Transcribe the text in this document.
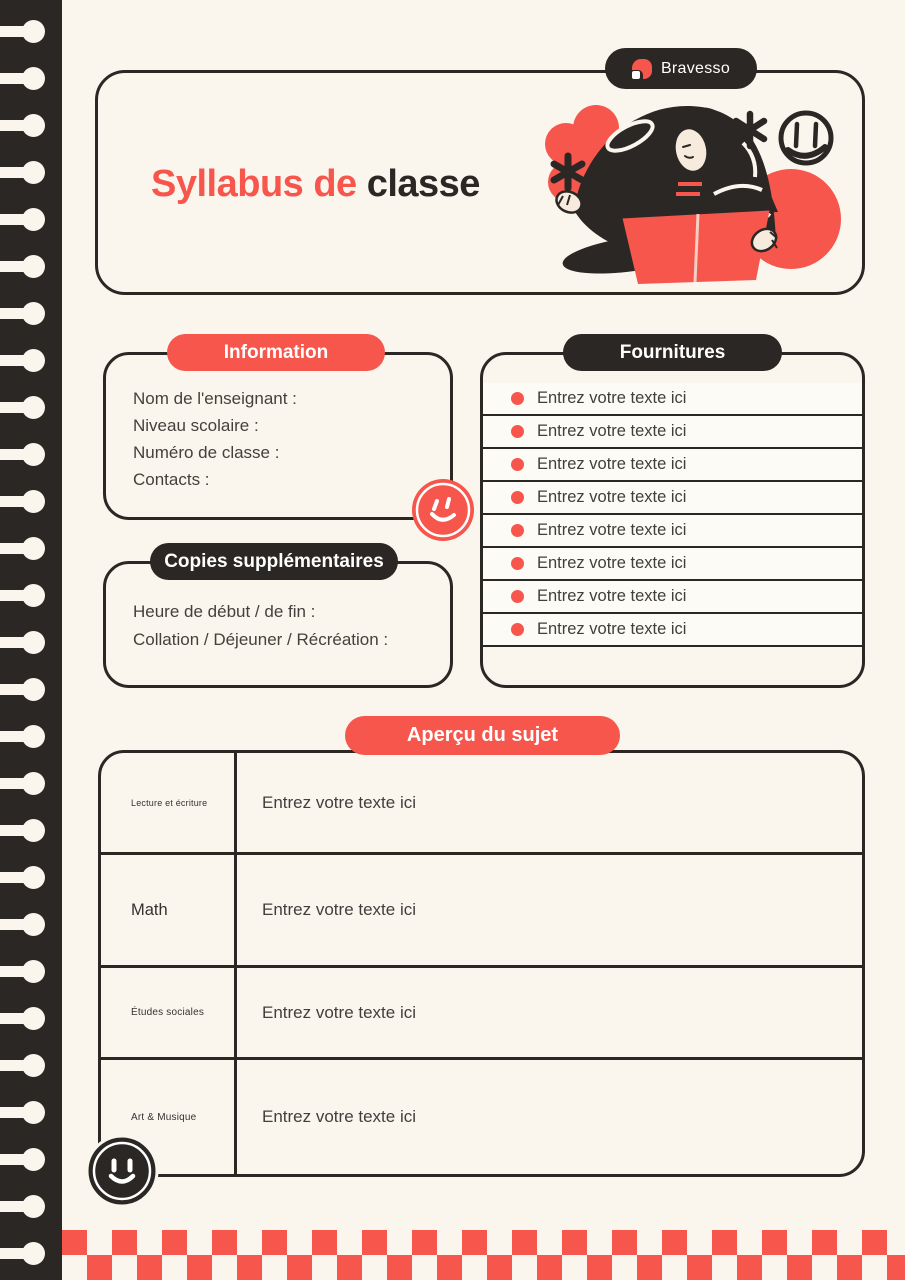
Syllabus de classe
Bravesso
Information
Nom de l'enseignant :
Niveau scolaire :
Numéro de classe :
Contacts :
Fournitures
Entrez votre texte ici
Entrez votre texte ici
Entrez votre texte ici
Entrez votre texte ici
Entrez votre texte ici
Entrez votre texte ici
Entrez votre texte ici
Entrez votre texte ici
Copies supplémentaires
Heure de début / de fin :
Collation / Déjeuner / Récréation :
Aperçu du sujet
Lecture et écriture	Entrez votre texte ici
Math	Entrez votre texte ici
Études sociales	Entrez votre texte ici
Art & Musique	Entrez votre texte ici
